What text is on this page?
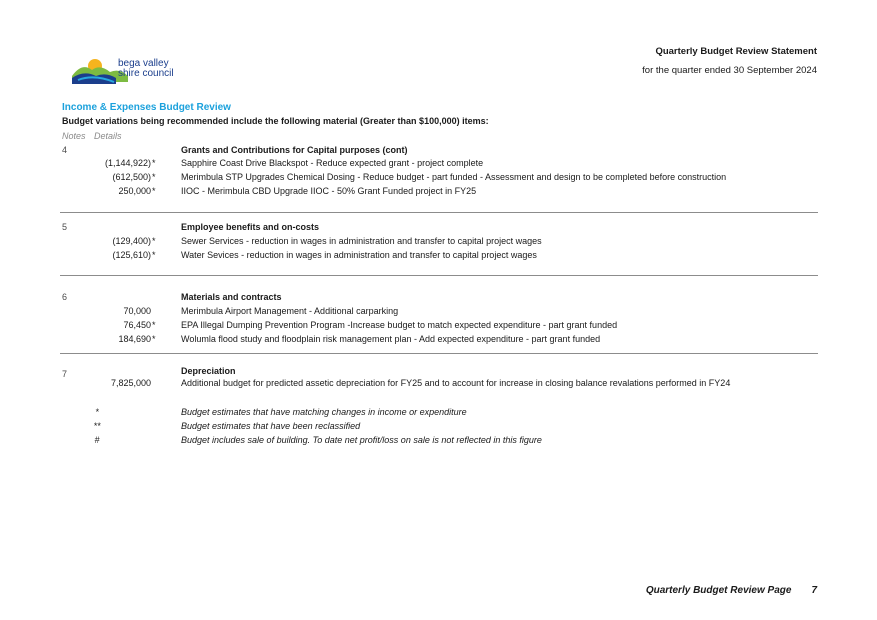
bega valley
shire council
Quarterly Budget Review Statement
for the quarter ended 30 September 2024
Income & Expenses Budget Review
Budget variations being recommended include the following material (Greater than $100,000) items:
Notes Details
4	Grants and Contributions for Capital purposes (cont)
(1,144,922) *	Sapphire Coast Drive Blackspot - Reduce expected grant - project complete
(612,500) *	Merimbula STP Upgrades Chemical Dosing - Reduce budget - part funded - Assessment and design to be completed before construction
250,000 *	IIOC - Merimbula CBD Upgrade IIOC - 50% Grant Funded project in FY25
5	Employee benefits and on-costs
(129,400) *	Sewer Services - reduction in wages in administration and transfer to capital project wages
(125,610) *	Water Sevices - reduction in wages in administration and transfer to capital project wages
6	Materials and contracts
70,000	Merimbula Airport Management - Additional carparking
76,450 *	EPA Illegal Dumping Prevention Program -Increase budget to match expected expenditure - part grant funded
184,690 *	Wolumla flood study and floodplain risk management plan - Add expected expenditure - part grant funded
7	Depreciation
7,825,000	Additional budget for predicted assetic depreciation for FY25 and to account for increase in closing balance revalations performed in FY24
*	Budget estimates that have matching changes in income or expenditure
**	Budget estimates that have been reclassified
#	Budget includes sale of building. To date net profit/loss on sale is not reflected in this figure
Quarterly Budget Review Page 7
